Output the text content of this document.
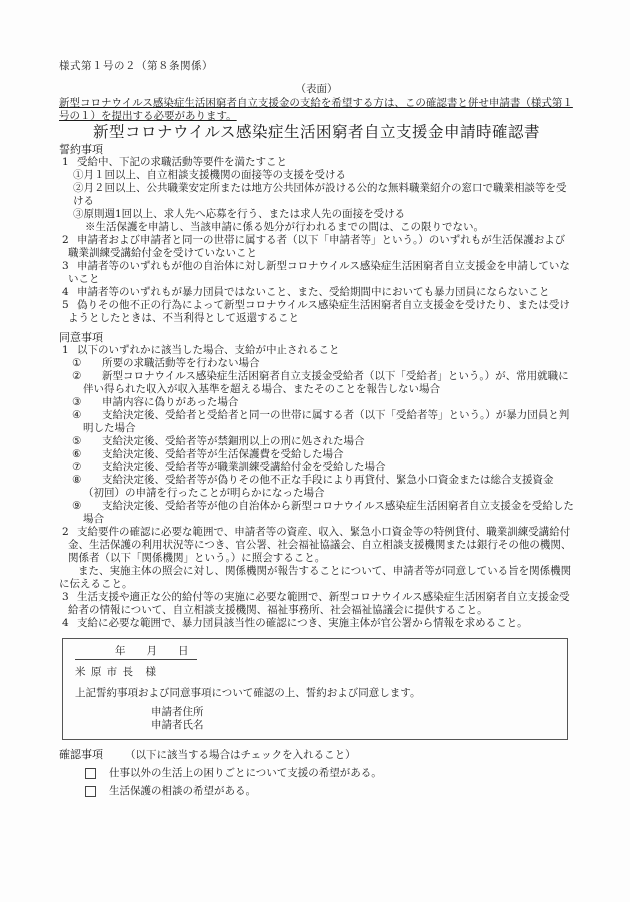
様式第１号の２（第８条関係）
（表面）
新型コロナウイルス感染症生活困窮者自立支援金の支給を希望する方は、この確認書と併せ申請書（様式第１号の１）を提出する必要があります。
新型コロナウイルス感染症生活困窮者自立支援金申請時確認書
誓約事項
1 受給中、下記の求職活動等要件を満たすこと
①月１回以上、自立相談支援機関の面接等の支援を受ける
②月２回以上、公共職業安定所または地方公共団体が設ける公的な無料職業紹介の窓口で職業相談等を受ける
③原則週1回以上、求人先へ応募を行う、または求人先の面接を受ける
※生活保護を申請し、当該申請に係る処分が行われるまでの間は、この限りでない。
2 申請者および申請者と同一の世帯に属する者（以下「申請者等」という。）のいずれもが生活保護および職業訓練受講給付金を受けていないこと
3 申請者等のいずれもが他の自治体に対し新型コロナウイルス感染症生活困窮者自立支援金を申請していないこと
4 申請者等のいずれもが暴力団員ではないこと、また、受給期間中においても暴力団員にならないこと
5 偽りその他不正の行為によって新型コロナウイルス感染症生活困窮者自立支援金を受けたり、または受けようとしたときは、不当利得として返還すること
同意事項
1 以下のいずれかに該当した場合、支給が中止されること
① 所要の求職活動等を行わない場合
② 新型コロナウイルス感染症生活困窮者自立支援金受給者（以下「受給者」という。）が、常用就職に伴い得られた収入が収入基準を超える場合、またそのことを報告しない場合
③ 申請内容に偽りがあった場合
④ 支給決定後、受給者と受給者と同一の世帯に属する者（以下「受給者等」という。）が暴力団員と判明した場合
⑤ 支給決定後、受給者等が禁錮刑以上の刑に処された場合
⑥ 支給決定後、受給者等が生活保護費を受給した場合
⑦ 支給決定後、受給者等が職業訓練受講給付金を受給した場合
⑧ 支給決定後、受給者等が偽りその他不正な手段により再貸付、緊急小口資金または総合支援資金（初回）の申請を行ったことが明らかになった場合
⑨ 支給決定後、受給者等が他の自治体から新型コロナウイルス感染症生活困窮者自立支援金を受給した場合
2 支給要件の確認に必要な範囲で、申請者等の資産、収入、緊急小口資金等の特例貸付、職業訓練受講給付金、生活保護の利用状況等につき、官公署、社会福祉協議会、自立相談支援機関または銀行その他の機関、関係者（以下「関係機関」という。）に照会すること。
また、実施主体の照会に対し、関係機関が報告することについて、申請者等が同意している旨を関係機関に伝えること。
3 生活支援や適正な公的給付等の実施に必要な範囲で、新型コロナウイルス感染症生活困窮者自立支援金受給者の情報について、自立相談支援機関、福祉事務所、社会福祉協議会に提供すること。
4 支給に必要な範囲で、暴力団員該当性の確認につき、実施主体が官公署から情報を求めること。
年　　月　　日
米 原 市 長　様
上記誓約事項および同意事項について確認の上、誓約および同意します。
申請者住所
申請者氏名
確認事項 （以下に該当する場合はチェックを入れること）
仕事以外の生活上の困りごとについて支援の希望がある。
生活保護の相談の希望がある。
